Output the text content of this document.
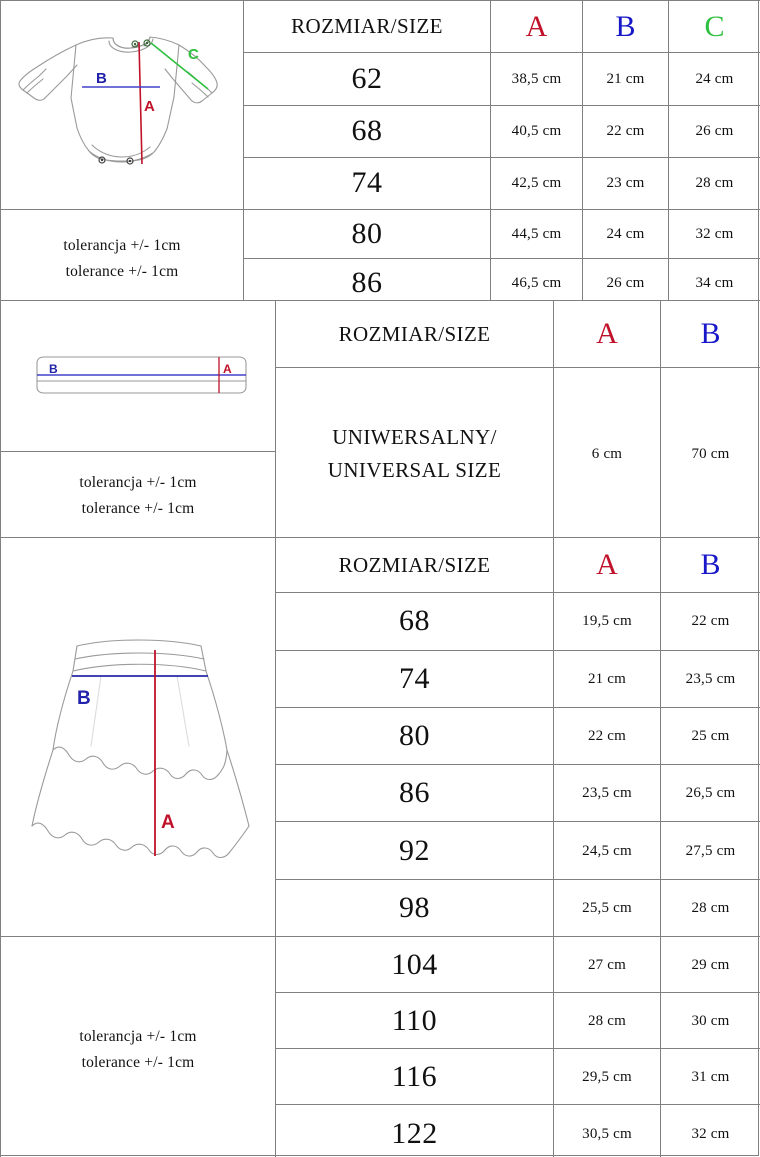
A
B
C	ROZMIAR/SIZE	A	B	C
	62	38,5 cm	21 cm	24 cm
	68	40,5 cm	22 cm	26 cm
	74	42,5 cm	23 cm	28 cm

tolerancja +/- 1cm
tolerance +/- 1cm	80	44,5 cm	24 cm	32 cm
	86	46,5 cm	26 cm	34 cm
B A	ROZMIAR/SIZE	A	B

	UNIWERSALNY/
UNIVERSAL SIZE	6 cm	70 cm

tolerancja +/- 1cm
tolerance +/- 1cm			
B
A	ROZMIAR/SIZE	A	B
	68	19,5 cm	22 cm
	74	21 cm	23,5 cm
	80	22 cm	25 cm
	86	23,5 cm	26,5 cm
	92	24,5 cm	27,5 cm
	98	25,5 cm	28 cm

tolerancja +/- 1cm
tolerance +/- 1cm	104	27 cm	29 cm
	110	28 cm	30 cm
	116	29,5 cm	31 cm
	122	30,5 cm	32 cm
